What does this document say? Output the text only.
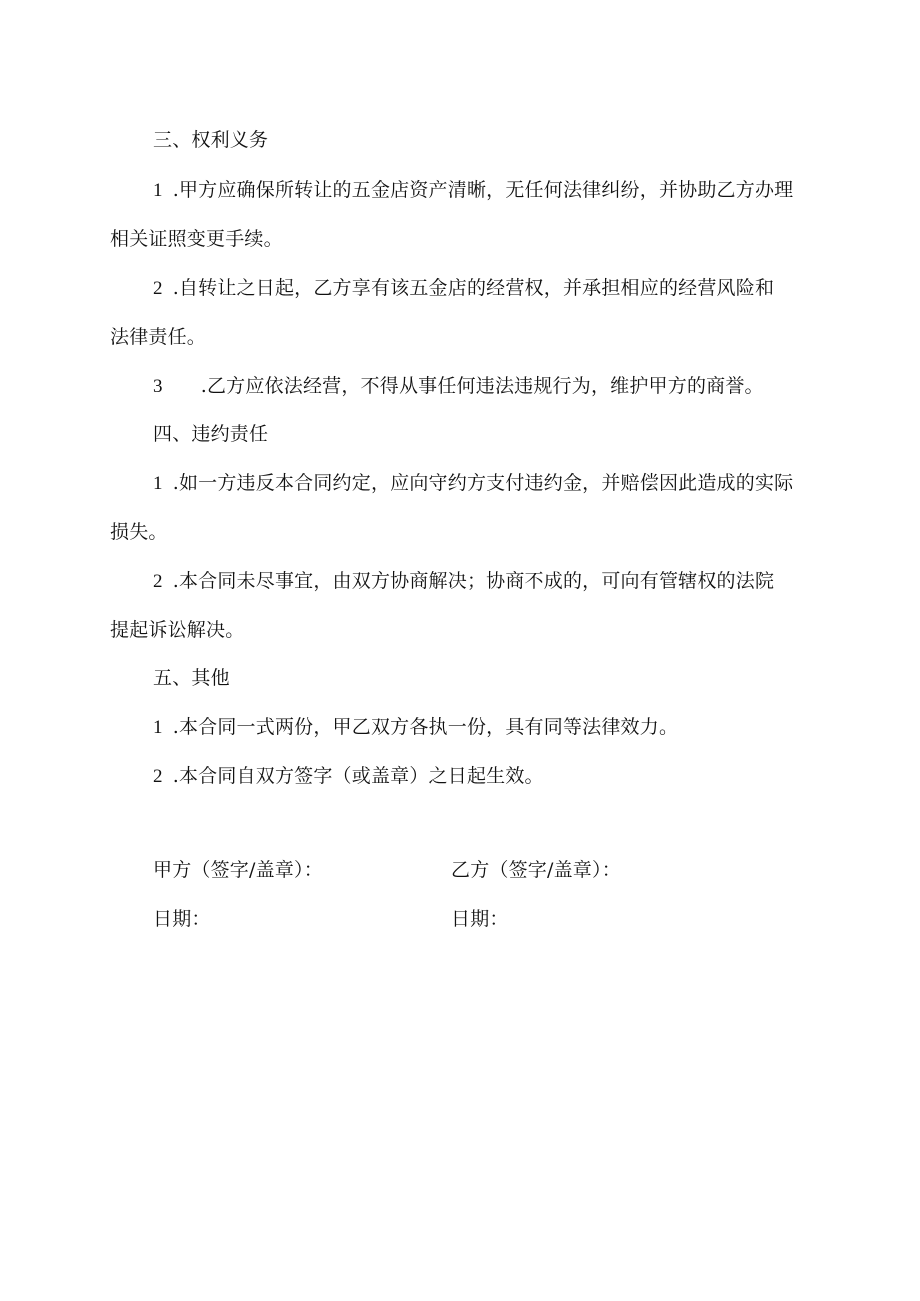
三、权利义务
1 .甲方应确保所转让的五金店资产清晰，无任何法律纠纷，并协助乙方办理
相关证照变更手续。
2 .自转让之日起，乙方享有该五金店的经营权，并承担相应的经营风险和
法律责任。
3 .乙方应依法经营，不得从事任何违法违规行为，维护甲方的商誉。
四、违约责任
1 .如一方违反本合同约定，应向守约方支付违约金，并赔偿因此造成的实际
损失。
2 .本合同未尽事宜，由双方协商解决；协商不成的，可向有管辖权的法院
提起诉讼解决。
五、其他
1 .本合同一式两份，甲乙双方各执一份，具有同等法律效力。
2 .本合同自双方签字（或盖章）之日起生效。
甲方（签字/盖章）：	乙方（签字/盖章）：
日期：	日期：
